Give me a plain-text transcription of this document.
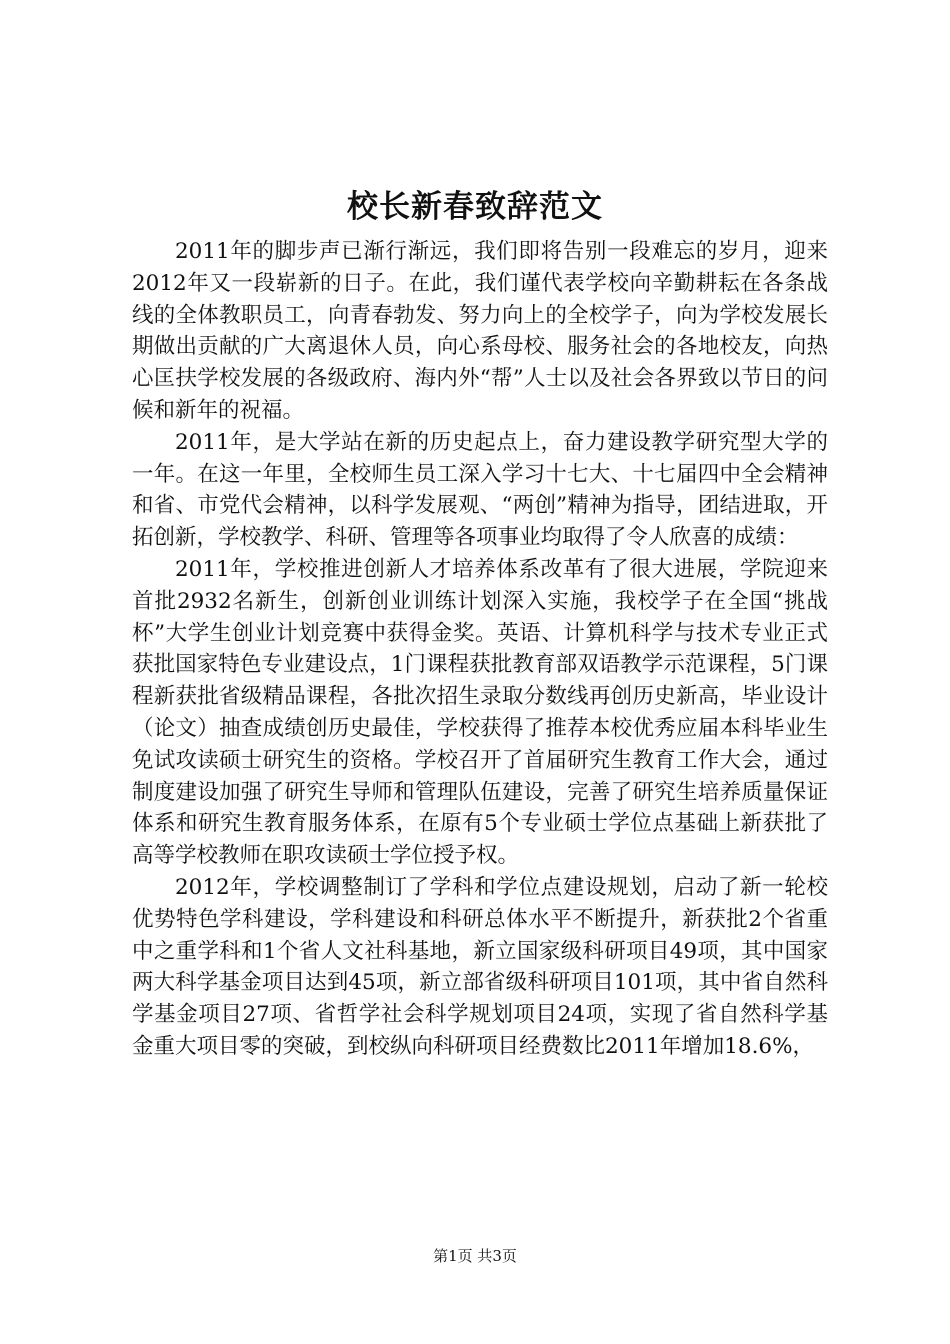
校长新春致辞范文

2011年的脚步声已渐行渐远，我们即将告别一段难忘的岁月，迎来2012年又一段崭新的日子。在此，我们谨代表学校向辛勤耕耘在各条战线的全体教职员工，向青春勃发、努力向上的全校学子，向为学校发展长期做出贡献的广大离退休人员，向心系母校、服务社会的各地校友，向热心匡扶学校发展的各级政府、海内外“帮”人士以及社会各界致以节日的问候和新年的祝福。

2011年，是大学站在新的历史起点上，奋力建设教学研究型大学的一年。在这一年里，全校师生员工深入学习十七大、十七届四中全会精神和省、市党代会精神，以科学发展观、“两创”精神为指导，团结进取，开拓创新，学校教学、科研、管理等各项事业均取得了令人欣喜的成绩：

2011年，学校推进创新人才培养体系改革有了很大进展，学院迎来首批2932名新生，创新创业训练计划深入实施，我校学子在全国“挑战杯”大学生创业计划竞赛中获得金奖。英语、计算机科学与技术专业正式获批国家特色专业建设点，1门课程获批教育部双语教学示范课程，5门课程新获批省级精品课程，各批次招生录取分数线再创历史新高，毕业设计（论文）抽查成绩创历史最佳，学校获得了推荐本校优秀应届本科毕业生免试攻读硕士研究生的资格。学校召开了首届研究生教育工作大会，通过制度建设加强了研究生导师和管理队伍建设，完善了研究生培养质量保证体系和研究生教育服务体系，在原有5个专业硕士学位点基础上新获批了高等学校教师在职攻读硕士学位授予权。

2012年，学校调整制订了学科和学位点建设规划，启动了新一轮校优势特色学科建设，学科建设和科研总体水平不断提升，新获批2个省重中之重学科和1个省人文社科基地，新立国家级科研项目49项，其中国家两大科学基金项目达到45项，新立部省级科研项目101项，其中省自然科学基金项目27项、省哲学社会科学规划项目24项，实现了省自然科学基金重大项目零的突破，到校纵向科研项目经费数比2011年增加18.6%，

第1页 共3页
